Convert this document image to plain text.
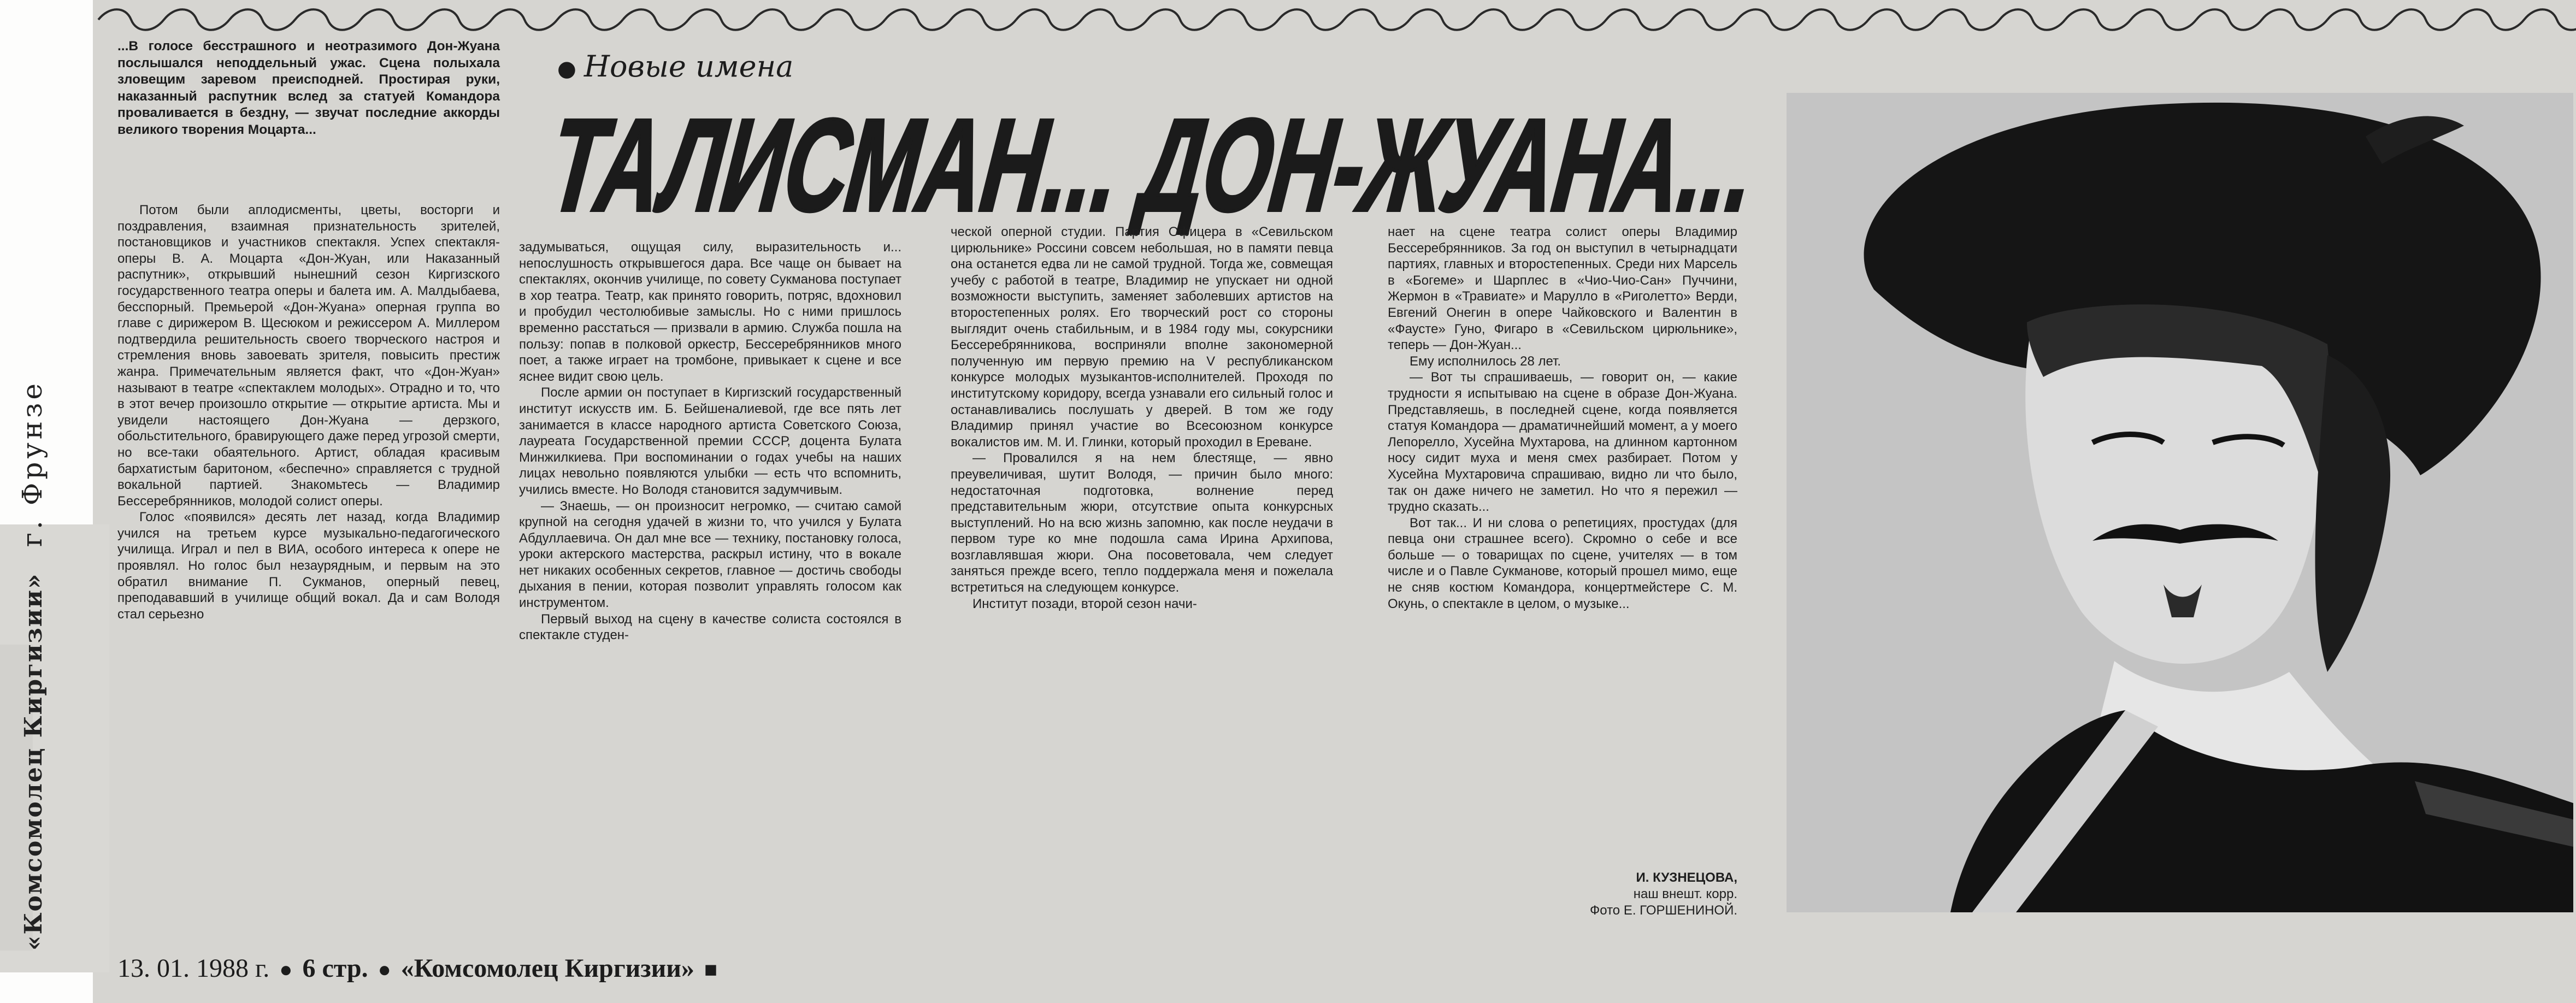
«Комсомолец Киргизии» г. Фрунзе
...В голосе бесстрашного и неотразимого Дон-Жуана послышался неподдельный ужас. Сцена полыхала зловещим заревом преисподней. Простирая руки, наказанный распутник вслед за статуей Командора проваливается в бездну, — звучат последние аккорды великого творения Моцарта...
● Новые имена
ТАЛИСМАН... ДОН-ЖУАНА...

Потом были аплодисменты, цветы, восторги и поздравления, взаимная признательность зрителей, постановщиков и участников спектакля. Успех спектакля-оперы В. А. Моцарта «Дон-Жуан, или Наказанный распутник», открывший нынешний сезон Киргизского государственного театра оперы и балета им. А. Малдыбаева, бесспорный. Премьерой «Дон-Жуана» оперная группа во главе с дирижером В. Щесюком и режиссером А. Миллером подтвердила решительность своего творческого настроя и стремления вновь завоевать зрителя, повысить престиж жанра. Примечательным является факт, что «Дон-Жуан» называют в театре «спектаклем молодых». Отрадно и то, что в этот вечер произошло открытие — открытие артиста. Мы и увидели настоящего Дон-Жуана — дерзкого, обольстительного, бравирующего даже перед угрозой смерти, но все-таки обаятельного. Артист, обладая красивым бархатистым баритоном, «беспечно» справляется с трудной вокальной партией. Знакомьтесь — Владимир Бессеребрянников, молодой солист оперы.

Голос «появился» десять лет назад, когда Владимир учился на третьем курсе музыкально-педагогического училища. Играл и пел в ВИА, особого интереса к опере не проявлял. Но голос был незаурядным, и первым на это обратил внимание П. Сукманов, оперный певец, преподававший в училище общий вокал. Да и сам Володя стал серьезно

задумываться, ощущая силу, выразительность и... непослушность открывшегося дара. Все чаще он бывает на спектаклях, окончив училище, по совету Сукманова поступает в хор театра. Театр, как принято говорить, потряс, вдохновил и пробудил честолюбивые замыслы. Но с ними пришлось временно расстаться — призвали в армию. Служба пошла на пользу: попав в полковой оркестр, Бессеребрянников много поет, а также играет на тромбоне, привыкает к сцене и все яснее видит свою цель.

После армии он поступает в Киргизский государственный институт искусств им. Б. Бейшеналиевой, где все пять лет занимается в классе народного артиста Советского Союза, лауреата Государственной премии СССР, доцента Булата Минжилкиева. При воспоминании о годах учебы на наших лицах невольно появляются улыбки — есть что вспомнить, учились вместе. Но Володя становится задумчивым.

— Знаешь, — он произносит негромко, — считаю самой крупной на сегодня удачей в жизни то, что учился у Булата Абдуллаевича. Он дал мне все — технику, постановку голоса, уроки актерского мастерства, раскрыл истину, что в вокале нет никаких особенных секретов, главное — достичь свободы дыхания в пении, которая позволит управлять голосом как инструментом.

Первый выход на сцену в качестве солиста состоялся в спектакле студен-

ческой оперной студии. Партия Офицера в «Севильском цирюльнике» Россини совсем небольшая, но в памяти певца она останется едва ли не самой трудной. Тогда же, совмещая учебу с работой в театре, Владимир не упускает ни одной возможности выступить, заменяет заболевших артистов на второстепенных ролях. Его творческий рост со стороны выглядит очень стабильным, и в 1984 году мы, сокурсники Бессеребрянникова, восприняли вполне закономерной полученную им первую премию на V республиканском конкурсе молодых музыкантов-исполнителей. Проходя по институтскому коридору, всегда узнавали его сильный голос и останавливались послушать у дверей. В том же году Владимир принял участие во Всесоюзном конкурсе вокалистов им. М. И. Глинки, который проходил в Ереване.

— Провалился я на нем блестяще, — явно преувеличивая, шутит Володя, — причин было много: недостаточная подготовка, волнение перед представительным жюри, отсутствие опыта конкурсных выступлений. Но на всю жизнь запомню, как после неудачи в первом туре ко мне подошла сама Ирина Архипова, возглавлявшая жюри. Она посоветовала, чем следует заняться прежде всего, тепло поддержала меня и пожелала встретиться на следующем конкурсе.

Институт позади, второй сезон начи-

нает на сцене театра солист оперы Владимир Бессеребрянников. За год он выступил в четырнадцати партиях, главных и второстепенных. Среди них Марсель в «Богеме» и Шарплес в «Чио-Чио-Сан» Пуччини, Жермон в «Травиате» и Марулло в «Риголетто» Верди, Евгений Онегин в опере Чайковского и Валентин в «Фаусте» Гуно, Фигаро в «Севильском цирюльнике», теперь — Дон-Жуан...

Ему исполнилось 28 лет.

— Вот ты спрашиваешь, — говорит он, — какие трудности я испытываю на сцене в образе Дон-Жуана. Представляешь, в последней сцене, когда появляется статуя Командора — драматичнейший момент, а у моего Лепорелло, Хусейна Мухтарова, на длинном картонном носу сидит муха и меня смех разбирает. Потом у Хусейна Мухтаровича спрашиваю, видно ли что было, так он даже ничего не заметил. Но что я пережил — трудно сказать...

Вот так... И ни слова о репетициях, простудах (для певца они страшнее всего). Скромно о себе и все больше — о товарищах по сцене, учителях — в том числе и о Павле Сукманове, который прошел мимо, еще не сняв костюм Командора, концертмейстере С. М. Окунь, о спектакле в целом, о музыке...

И. КУЗНЕЦОВА,
наш внешт. корр.
Фото Е. ГОРШЕНИНОЙ.
13. 01. 1988 г. ● 6 стр. ● «Комсомолец Киргизии» ■
